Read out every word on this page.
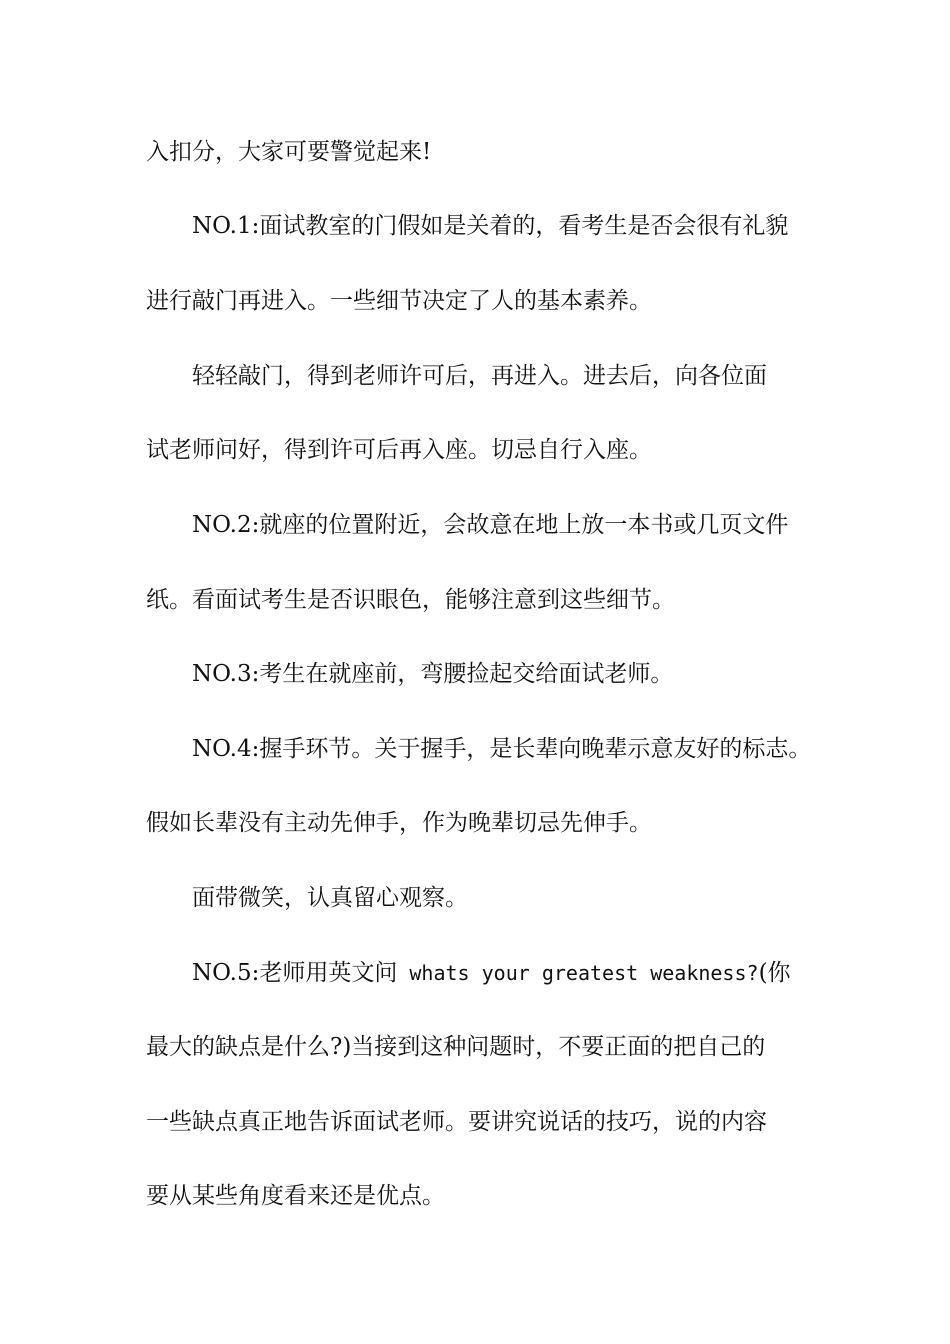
入扣分，大家可要警觉起来!
NO.1:面试教室的门假如是关着的，看考生是否会很有礼貌
进行敲门再进入。一些细节决定了人的基本素养。
轻轻敲门，得到老师许可后，再进入。进去后，向各位面
试老师问好，得到许可后再入座。切忌自行入座。
NO.2:就座的位置附近，会故意在地上放一本书或几页文件
纸。看面试考生是否识眼色，能够注意到这些细节。
NO.3:考生在就座前，弯腰捡起交给面试老师。
NO.4:握手环节。关于握手，是长辈向晚辈示意友好的标志。
假如长辈没有主动先伸手，作为晚辈切忌先伸手。
面带微笑，认真留心观察。
NO.5:老师用英文问 whats your greatest weakness?(你
最大的缺点是什么?)当接到这种问题时，不要正面的把自己的
一些缺点真正地告诉面试老师。要讲究说话的技巧，说的内容
要从某些角度看来还是优点。
